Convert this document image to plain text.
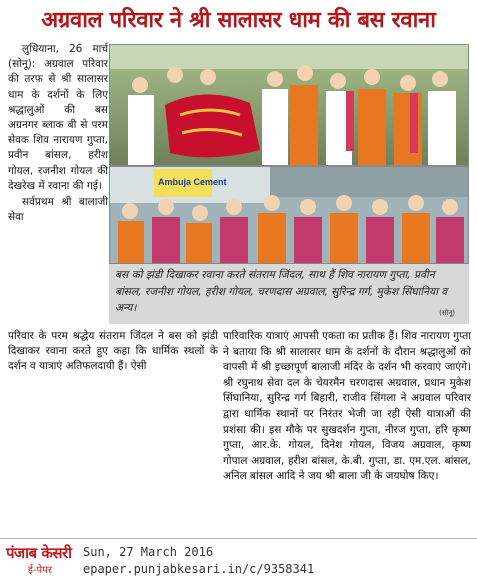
अग्रवाल परिवार ने श्री सालासर धाम की बस रवाना

लुधियाना, 26 मार्च (सोनू): अग्रवाल परिवार की तरफ से श्री सालासर धाम के दर्शनों के लिए श्रद्धालुओं की बस अग्रनगर ब्लाक बी से परम सेवक शिव नारायण गुप्ता, प्रवीन बांसल, हरीश गोयल, रजनीश गोयल की देखरेख में रवाना की गई।

सर्वप्रथम श्री बालाजी सेवा

Ambuja Cement
बस को झंडी दिखाकर रवाना करते संतराम जिंदल, साथ हैं शिव नारायण गुप्ता, प्रवीन बांसल, रजनीश गोयल, हरीश गोयल, चरणदास अग्रवाल, सुरिन्द्र गर्ग, मुकेश सिंघानिया व अन्य।	(सोनू)
परिवार के परम श्रद्धेय संतराम जिंदल ने बस को झंडी दिखाकर रवाना करते हुए कहा कि धार्मिक स्थलों के दर्शन व यात्राएं अतिफलदायी हैं। ऐसी
पारिवारिक यात्राएं आपसी एकता का प्रतीक हैं। शिव नारायण गुप्ता ने बताया कि श्री सालासर धाम के दर्शनों के दौरान श्रद्धालुओं को वापसी में श्री इच्छापूर्ण बालाजी मंदिर के दर्शन भी करवाएं जाएंगे। श्री रघुनाथ सेवा दल के चेयरमैन चरणदास अग्रवाल, प्रधान मुकेश सिंघानिया, सुरिन्द्र गर्ग बिहारी, राजीव सिंगला ने अग्रवाल परिवार द्वारा धार्मिक स्थानों पर निरंतर भेजी जा रही ऐसी यात्राओं की प्रशंसा की। इस मौके पर सुखदर्शन गुप्ता, नीरज गुप्ता, हरि कृष्ण गुप्ता, आर.के. गोयल, दिनेश गोयल, विजय अग्रवाल, कृष्ण गोपाल अग्रवाल, हरीश बांसल, के.बी. गुप्ता, डा. एम.एल. बांसल, अनिल बांसल आदि ने जय श्री बाला जी के जयघोष किए।
पंजाब केसरी
ई-पेपर
Sun, 27 March 2016
epaper.punjabkesari.in/c/9358341
